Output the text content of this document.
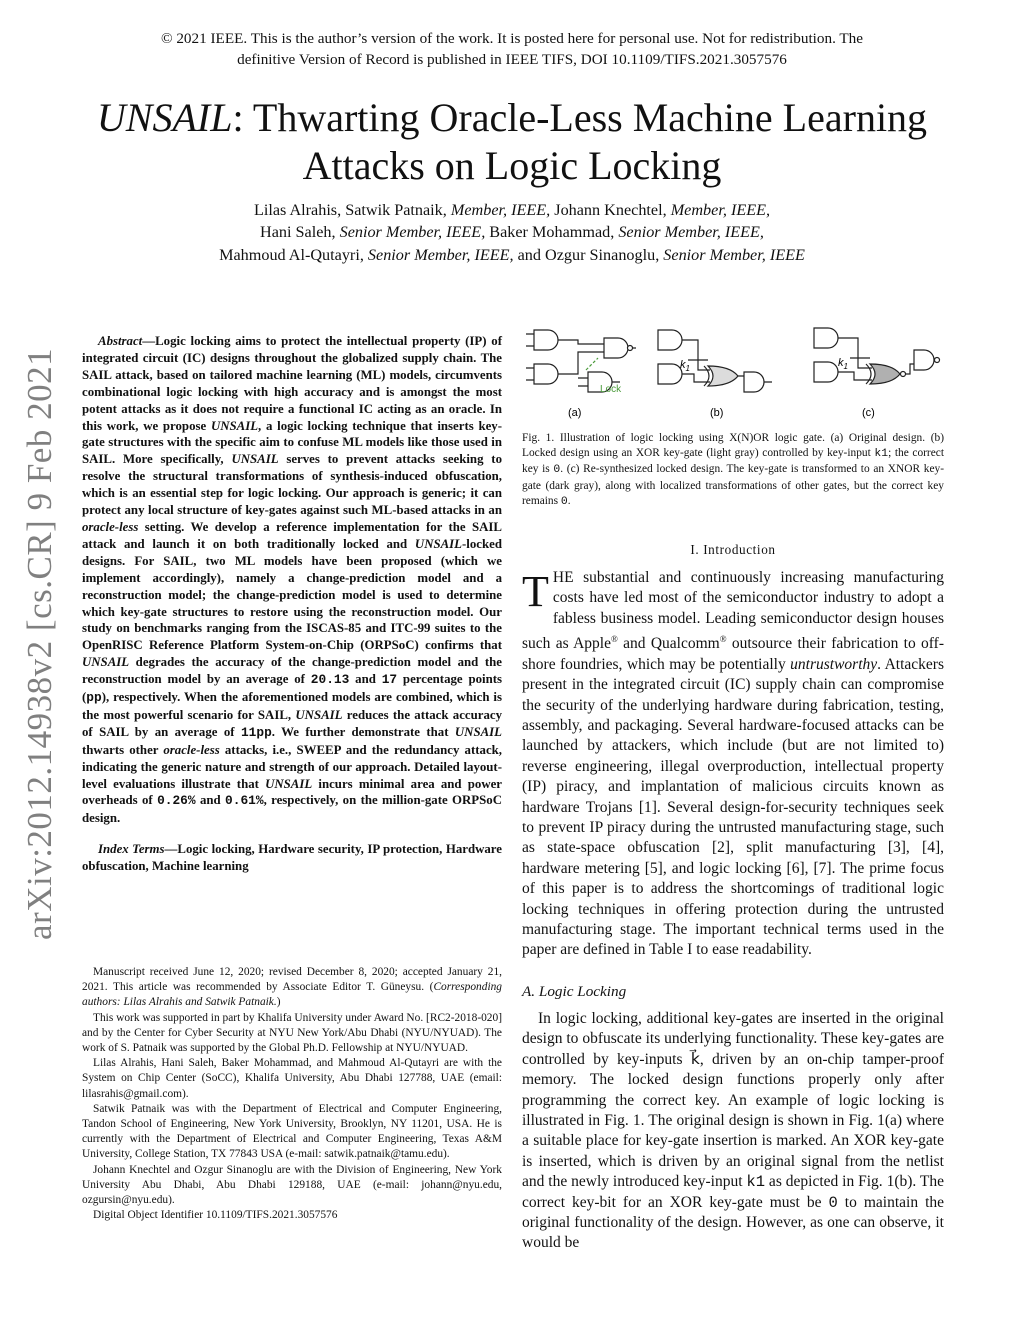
© 2021 IEEE. This is the author’s version of the work. It is posted here for personal use. Not for redistribution. The
definitive Version of Record is published in IEEE TIFS, DOI 10.1109/TIFS.2021.3057576
UNSAIL: Thwarting Oracle-Less Machine Learning
Attacks on Logic Locking
Lilas Alrahis, Satwik Patnaik, Member, IEEE, Johann Knechtel, Member, IEEE,
Hani Saleh, Senior Member, IEEE, Baker Mohammad, Senior Member, IEEE,
Mahmoud Al-Qutayri, Senior Member, IEEE, and Ozgur Sinanoglu, Senior Member, IEEE
arXiv:2012.14938v2 [cs.CR] 9 Feb 2021

Abstract—Logic locking aims to protect the intellectual property (IP) of integrated circuit (IC) designs throughout the globalized supply chain. The SAIL attack, based on tailored machine learning (ML) models, circumvents combinational logic locking with high accuracy and is amongst the most potent attacks as it does not require a functional IC acting as an oracle. In this work, we propose UNSAIL, a logic locking technique that inserts key-gate structures with the specific aim to confuse ML models like those used in SAIL. More specifically, UNSAIL serves to prevent attacks seeking to resolve the structural transformations of synthesis-induced obfuscation, which is an essential step for logic locking. Our approach is generic; it can protect any local structure of key-gates against such ML-based attacks in an oracle-less setting. We develop a reference implementation for the SAIL attack and launch it on both traditionally locked and UNSAIL-locked designs. For SAIL, two ML models have been proposed (which we implement accordingly), namely a change-prediction model and a reconstruction model; the change-prediction model is used to determine which key-gate structures to restore using the reconstruction model. Our study on benchmarks ranging from the ISCAS-85 and ITC-99 suites to the OpenRISC Reference Platform System-on-Chip (ORPSoC) confirms that UNSAIL degrades the accuracy of the change-prediction model and the reconstruction model by an average of 20.13 and 17 percentage points (pp), respectively. When the aforementioned models are combined, which is the most powerful scenario for SAIL, UNSAIL reduces the attack accuracy of SAIL by an average of 11pp. We further demonstrate that UNSAIL thwarts other oracle-less attacks, i.e., SWEEP and the redundancy attack, indicating the generic nature and strength of our approach. Detailed layout-level evaluations illustrate that UNSAIL incurs minimal area and power overheads of 0.26% and 0.61%, respectively, on the million-gate ORPSoC design.

Index Terms—Logic locking, Hardware security, IP protection, Hardware obfuscation, Machine learning

Manuscript received June 12, 2020; revised December 8, 2020; accepted January 21, 2021. This article was recommended by Associate Editor T. Güneysu. (Corresponding authors: Lilas Alrahis and Satwik Patnaik.)

This work was supported in part by Khalifa University under Award No. [RC2-2018-020] and by the Center for Cyber Security at NYU New York/Abu Dhabi (NYU/NYUAD). The work of S. Patnaik was supported by the Global Ph.D. Fellowship at NYU/NYUAD.

Lilas Alrahis, Hani Saleh, Baker Mohammad, and Mahmoud Al-Qutayri are with the System on Chip Center (SoCC), Khalifa University, Abu Dhabi 127788, UAE (email: lilasrahis@gmail.com).

Satwik Patnaik was with the Department of Electrical and Computer Engineering, Tandon School of Engineering, New York University, Brooklyn, NY 11201, USA. He is currently with the Department of Electrical and Computer Engineering, Texas A&M University, College Station, TX 77843 USA (e-mail: satwik.patnaik@tamu.edu).

Johann Knechtel and Ozgur Sinanoglu are with the Division of Engineering, New York University Abu Dhabi, Abu Dhabi 129188, UAE (e-mail: johann@nyu.edu, ozgursin@nyu.edu).

Digital Object Identifier 10.1109/TIFS.2021.3057576

(a)	(b)	(c)
Lock
$k_1$	$k_1$
Fig. 1. Illustration of logic locking using X(N)OR logic gate. (a) Original design. (b) Locked design using an XOR key-gate (light gray) controlled by key-input k1; the correct key is 0. (c) Re-synthesized locked design. The key-gate is transformed to an XNOR key-gate (dark gray), along with localized transformations of other gates, but the correct key remains 0.
I. Introduction

THE substantial and continuously increasing manufacturing costs have led most of the semiconductor industry to adopt a fabless business model. Leading semiconductor design houses such as Apple® and Qualcomm® outsource their fabrication to off-shore foundries, which may be potentially untrustworthy. Attackers present in the integrated circuit (IC) supply chain can compromise the security of the underlying hardware during fabrication, testing, assembly, and packaging. Several hardware-focused attacks can be launched by attackers, which include (but are not limited to) reverse engineering, illegal overproduction, intellectual property (IP) piracy, and implantation of malicious circuits known as hardware Trojans [1]. Several design-for-security techniques seek to prevent IP piracy during the untrusted manufacturing stage, such as state-space obfuscation [2], split manufacturing [3], [4], hardware metering [5], and logic locking [6], [7]. The prime focus of this paper is to address the shortcomings of traditional logic locking techniques in offering protection during the untrusted manufacturing stage. The important technical terms used in the paper are defined in Table I to ease readability.

A. Logic Locking

In logic locking, additional key-gates are inserted in the original design to obfuscate its underlying functionality. These key-gates are controlled by key-inputs k⃗, driven by an on-chip tamper-proof memory. The locked design functions properly only after programming the correct key. An example of logic locking is illustrated in Fig. 1. The original design is shown in Fig. 1(a) where a suitable place for key-gate insertion is marked. An XOR key-gate is inserted, which is driven by an original signal from the netlist and the newly introduced key-input k1 as depicted in Fig. 1(b). The correct key-bit for an XOR key-gate must be 0 to maintain the original functionality of the design. However, as one can observe, it would be
